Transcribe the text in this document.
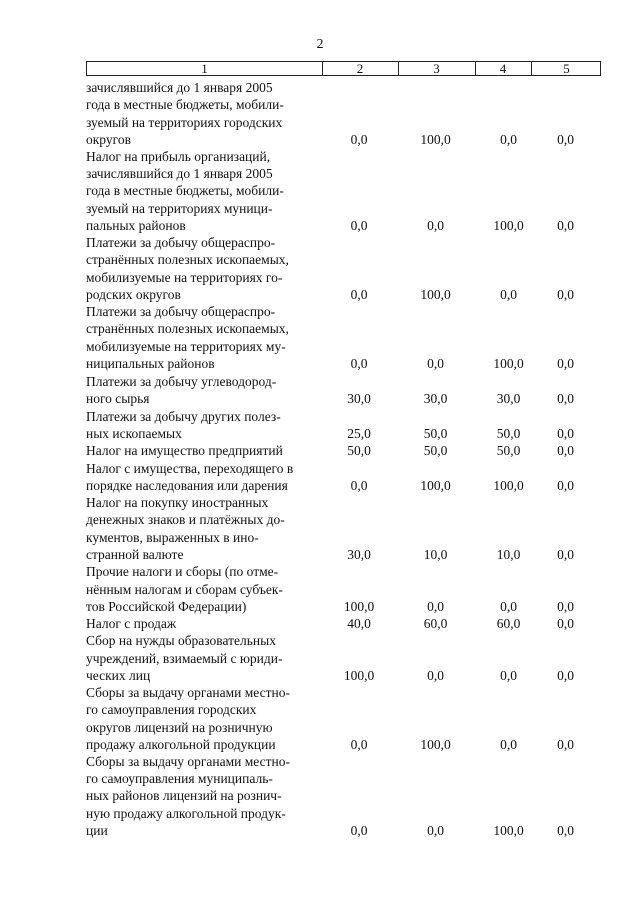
2
1	2	3	4	5
зачислявшийся до 1 января 2005
года в местные бюджеты, мобили-
зуемый на территориях городских
округов	0,0	100,0	0,0	0,0
Налог на прибыль организаций,
зачислявшийся до 1 января 2005
года в местные бюджеты, мобили-
зуемый на территориях муници-
пальных районов	0,0	0,0	100,0	0,0
Платежи за добычу общераспро-
странённых полезных ископаемых,
мобилизуемые на территориях го-
родских округов	0,0	100,0	0,0	0,0
Платежи за добычу общераспро-
странённых полезных ископаемых,
мобилизуемые на территориях му-
ниципальных районов	0,0	0,0	100,0	0,0
Платежи за добычу углеводород-
ного сырья	30,0	30,0	30,0	0,0
Платежи за добычу других полез-
ных ископаемых	25,0	50,0	50,0	0,0
Налог на имущество предприятий	50,0	50,0	50,0	0,0
Налог с имущества, переходящего в
порядке наследования или дарения	0,0	100,0	100,0	0,0
Налог на покупку иностранных
денежных знаков и платёжных до-
кументов, выраженных в ино-
странной валюте	30,0	10,0	10,0	0,0
Прочие налоги и сборы (по отме-
нённым налогам и сборам субъек-
тов Российской Федерации)	100,0	0,0	0,0	0,0
Налог с продаж	40,0	60,0	60,0	0,0
Сбор на нужды образовательных
учреждений, взимаемый с юриди-
ческих лиц	100,0	0,0	0,0	0,0
Сборы за выдачу органами местно-
го самоуправления городских
округов лицензий на розничную
продажу алкогольной продукции	0,0	100,0	0,0	0,0
Сборы за выдачу органами местно-
го самоуправления муниципаль-
ных районов лицензий на рознич-
ную продажу алкогольной продук-
ции	0,0	0,0	100,0	0,0
